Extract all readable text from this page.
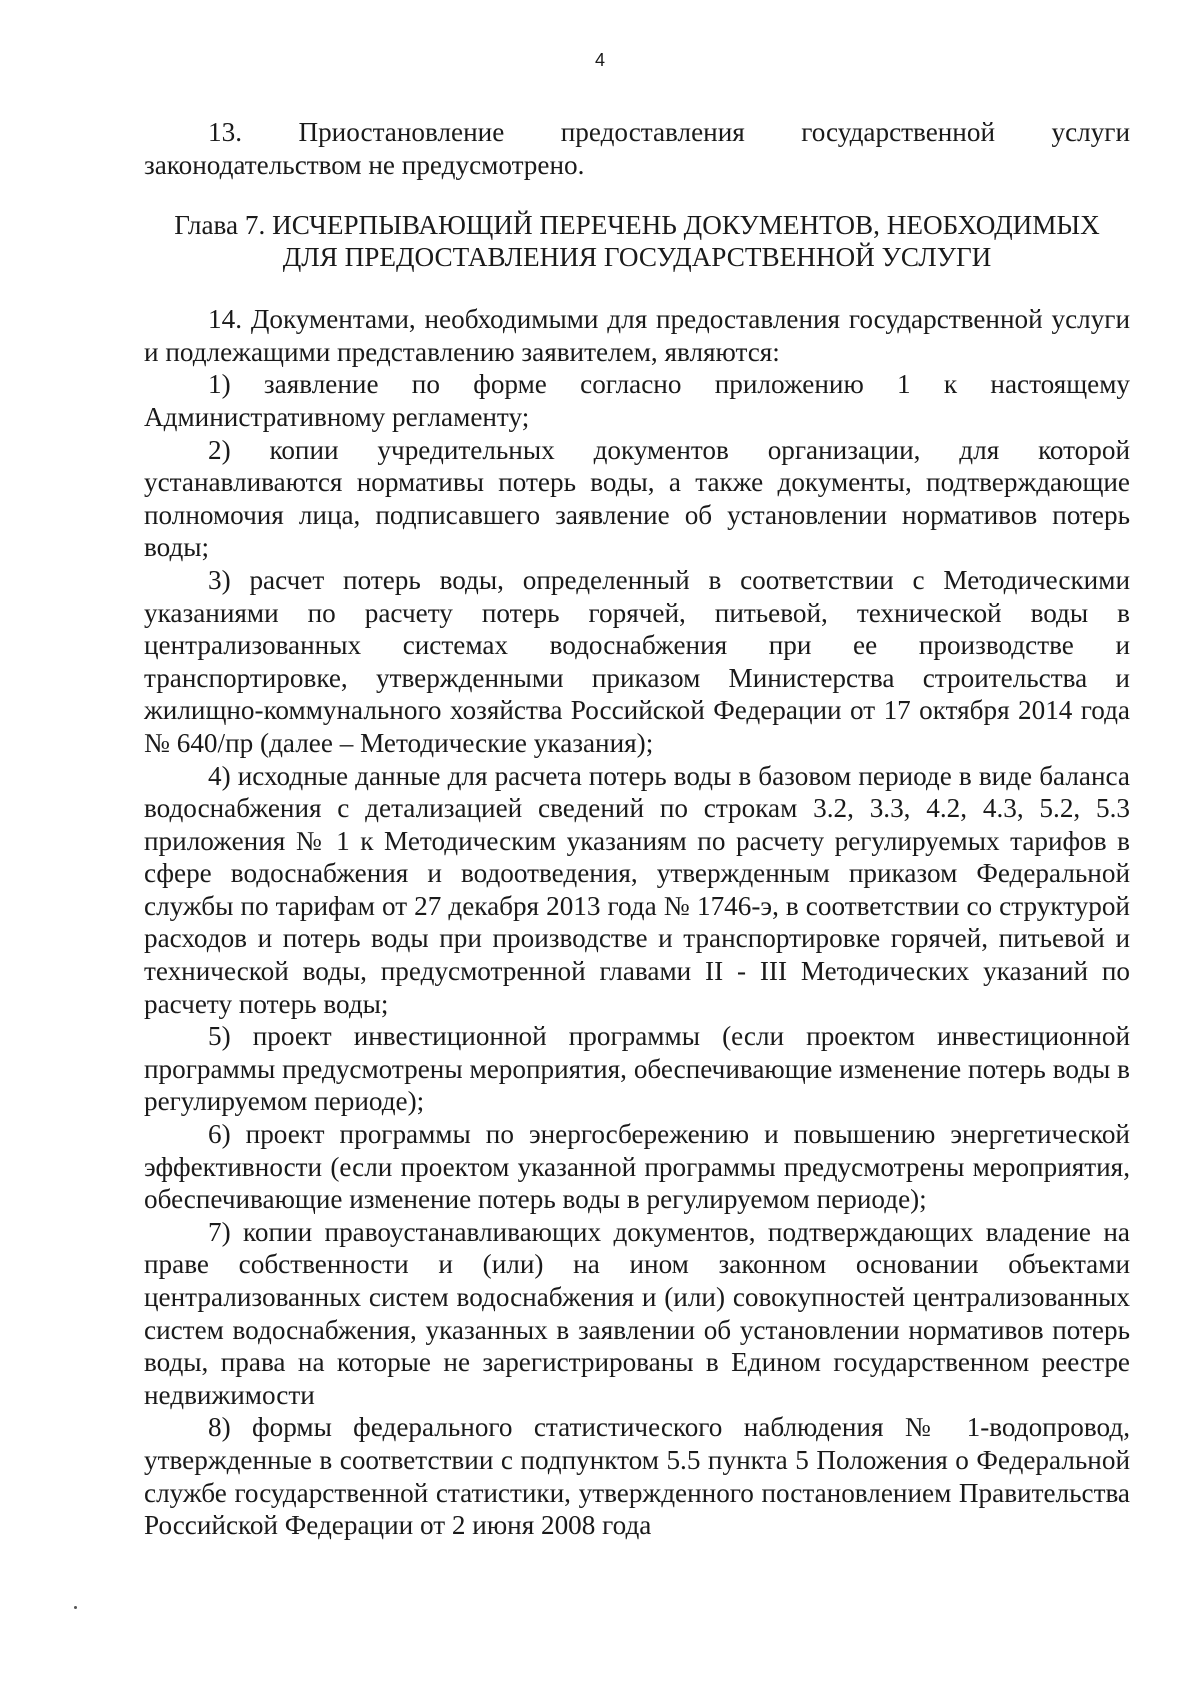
4

13. Приостановление предоставления государственной услуги законодательством не предусмотрено.

Глава 7. ИСЧЕРПЫВАЮЩИЙ ПЕРЕЧЕНЬ ДОКУМЕНТОВ, НЕОБХОДИМЫХ
ДЛЯ ПРЕДОСТАВЛЕНИЯ ГОСУДАРСТВЕННОЙ УСЛУГИ

14. Документами, необходимыми для предоставления государственной услуги и подлежащими представлению заявителем, являются:

1) заявление по форме согласно приложению 1 к настоящему Административному регламенту;

2) копии учредительных документов организации, для которой устанавливаются нормативы потерь воды, а также документы, подтверждающие полномочия лица, подписавшего заявление об установлении нормативов потерь воды;

3) расчет потерь воды, определенный в соответствии с Методическими указаниями по расчету потерь горячей, питьевой, технической воды в централизованных системах водоснабжения при ее производстве и транспортировке, утвержденными приказом Министерства строительства и жилищно-коммунального хозяйства Российской Федерации от 17 октября 2014 года № 640/пр (далее – Методические указания);

4) исходные данные для расчета потерь воды в базовом периоде в виде баланса водоснабжения с детализацией сведений по строкам 3.2, 3.3, 4.2, 4.3, 5.2, 5.3 приложения № 1 к Методическим указаниям по расчету регулируемых тарифов в сфере водоснабжения и водоотведения, утвержденным приказом Федеральной службы по тарифам от 27 декабря 2013 года № 1746-э, в соответствии со структурой расходов и потерь воды при производстве и транспортировке горячей, питьевой и технической воды, предусмотренной главами II - III Методических указаний по расчету потерь воды;

5) проект инвестиционной программы (если проектом инвестиционной программы предусмотрены мероприятия, обеспечивающие изменение потерь воды в регулируемом периоде);

6) проект программы по энергосбережению и повышению энергетической эффективности (если проектом указанной программы предусмотрены мероприятия, обеспечивающие изменение потерь воды в регулируемом периоде);

7) копии правоустанавливающих документов, подтверждающих владение на праве собственности и (или) на ином законном основании объектами централизованных систем водоснабжения и (или) совокупностей централизованных систем водоснабжения, указанных в заявлении об установлении нормативов потерь воды, права на которые не зарегистрированы в Едином государственном реестре недвижимости

8) формы федерального статистического наблюдения № 1-водопровод, утвержденные в соответствии с подпунктом 5.5 пункта 5 Положения о Федеральной службе государственной статистики, утвержденного постановлением Правительства Российской Федерации от 2 июня 2008 года
